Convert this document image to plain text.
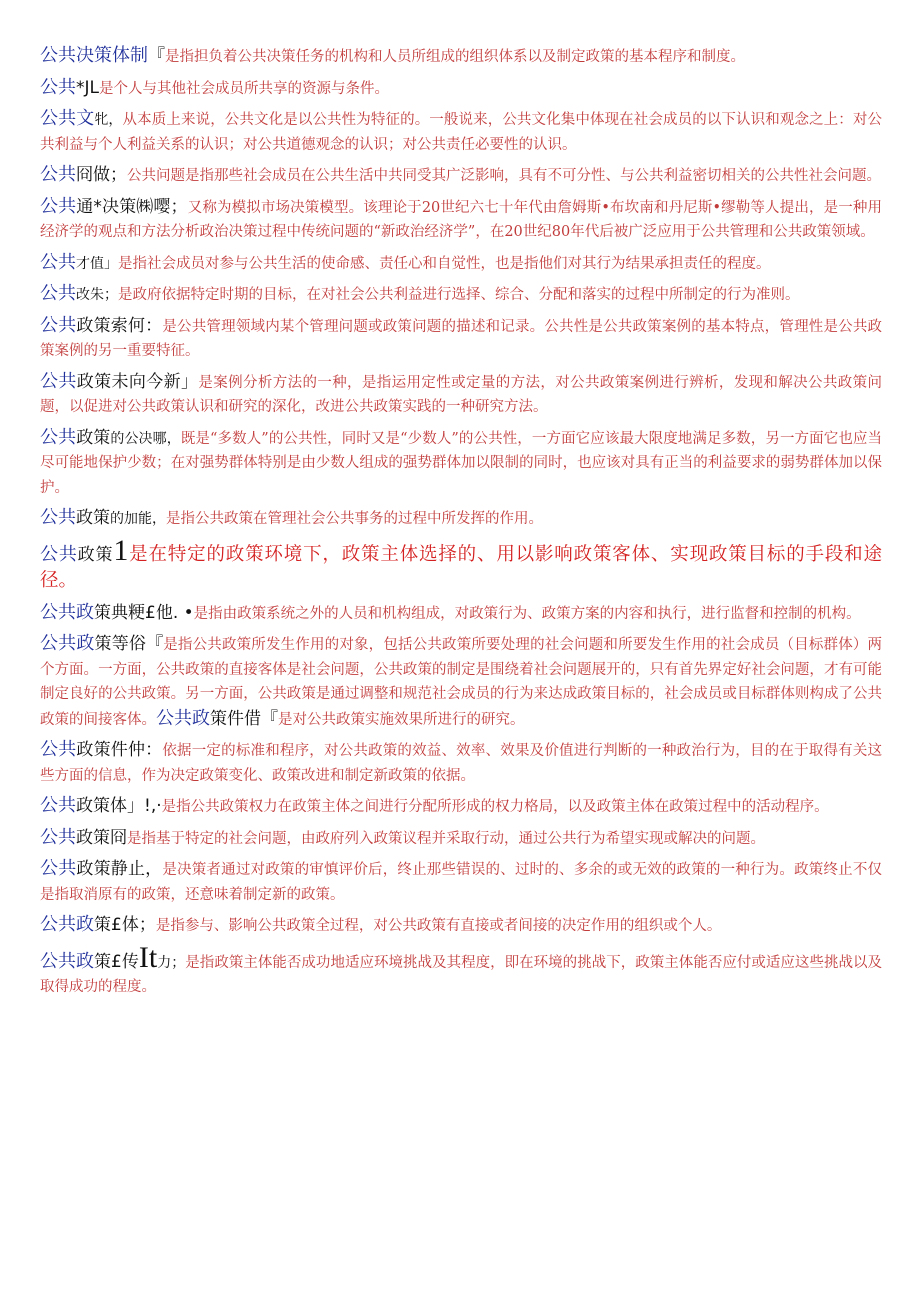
公共决策体制『是指担负着公共决策任务的机构和人员所组成的组织体系以及制定政策的基本程序和制度。

公共*JL是个人与其他社会成员所共享的资源与条件。

公共文牝，从本质上来说，公共文化是以公共性为特征的。一般说来，公共文化集中体现在社会成员的以下认识和观念之上：对公共利益与个人利益关系的认识；对公共道德观念的认识；对公共责任必要性的认识。

公共冏做；公共问题是指那些社会成员在公共生活中共同受其广泛影响，具有不可分性、与公共利益密切相关的公共性社会问题。

公共通*决策㈱嘤；又称为模拟市场决策模型。该理论于20世纪六七十年代由詹姆斯•布坎南和丹尼斯•缪勒等人提出，是一种用经济学的观点和方法分析政治决策过程中传统问题的“新政治经济学”，在20世纪80年代后被广泛应用于公共管理和公共政策领域。

公共才值」是指社会成员对参与公共生活的使命感、责任心和自觉性，也是指他们对其行为结果承担责任的程度。

公共改朱；是政府依据特定时期的目标，在对社会公共利益进行选择、综合、分配和落实的过程中所制定的行为准则。

公共政策索何：是公共管理领域内某个管理问题或政策问题的描述和记录。公共性是公共政策案例的基本特点，管理性是公共政策案例的另一重要特征。

公共政策未向今新」是案例分析方法的一种，是指运用定性或定量的方法，对公共政策案例进行辨析，发现和解决公共政策问题，以促进对公共政策认识和研究的深化，改进公共政策实践的一种研究方法。

公共政策的公决哪，既是“多数人”的公共性，同时又是“少数人”的公共性，一方面它应该最大限度地满足多数，另一方面它也应当尽可能地保护少数；在对强势群体特别是由少数人组成的强势群体加以限制的同时，也应该对具有正当的利益要求的弱势群体加以保护。

公共政策的加能，是指公共政策在管理社会公共事务的过程中所发挥的作用。

公共政策1是在特定的政策环境下，政策主体选择的、用以影响政策客体、实现政策目标的手段和途径。

公共政策典粳£他. •是指由政策系统之外的人员和机构组成，对政策行为、政策方案的内容和执行，进行监督和控制的机构。

公共政策等俗『是指公共政策所发生作用的对象，包括公共政策所要处理的社会问题和所要发生作用的社会成员（目标群体）两个方面。一方面，公共政策的直接客体是社会问题，公共政策的制定是围绕着社会问题展开的，只有首先界定好社会问题，才有可能制定良好的公共政策。另一方面，公共政策是通过调整和规范社会成员的行为来达成政策目标的，社会成员或目标群体则构成了公共政策的间接客体。公共政策件借『是对公共政策实施效果所进行的研究。

公共政策件仲：依据一定的标准和程序，对公共政策的效益、效率、效果及价值进行判断的一种政治行为，目的在于取得有关这些方面的信息，作为决定政策变化、政策改进和制定新政策的依据。

公共政策体」!,·是指公共政策权力在政策主体之间进行分配所形成的权力格局，以及政策主体在政策过程中的活动程序。

公共政策冏是指基于特定的社会问题，由政府列入政策议程并采取行动，通过公共行为希望实现或解决的问题。

公共政策静止，是决策者通过对政策的审慎评价后，终止那些错误的、过时的、多余的或无效的政策的一种行为。政策终止不仅是指取消原有的政策，还意味着制定新的政策。

公共政策£体；是指参与、影响公共政策全过程，对公共政策有直接或者间接的决定作用的组织或个人。

公共政策£传It力；是指政策主体能否成功地适应环境挑战及其程度，即在环境的挑战下，政策主体能否应付或适应这些挑战以及取得成功的程度。
